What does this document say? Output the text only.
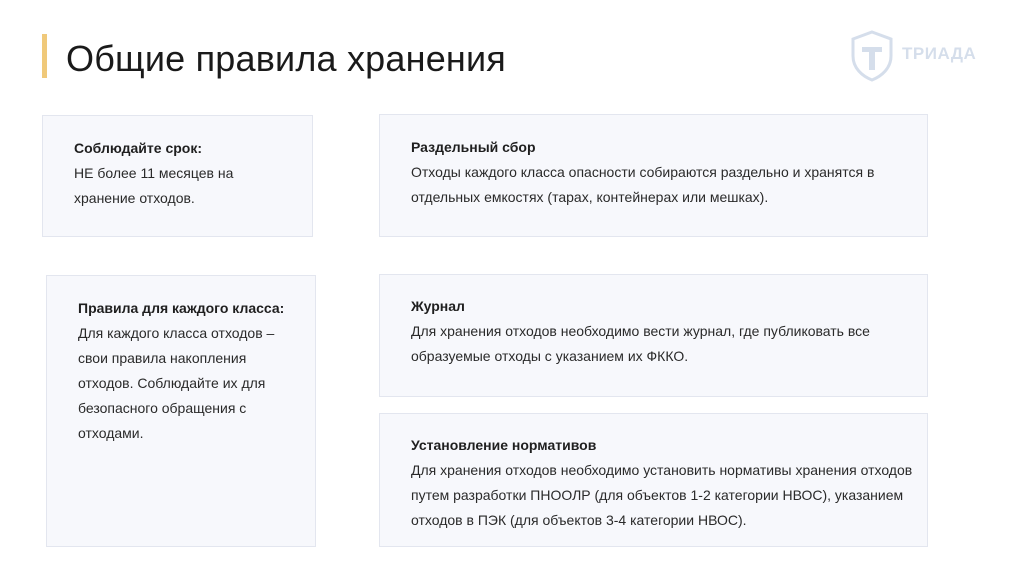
Общие правила хранения	ТРИАДА
Соблюдайте срок:
НЕ более 11 месяцев на хранение отходов.
Раздельный сбор
Отходы каждого класса опасности собираются раздельно и хранятся в отдельных емкостях (тарах, контейнерах или мешках).
Правила для каждого класса:
Для каждого класса отходов – свои правила накопления отходов. Соблюдайте их для безопасного обращения с отходами.
Журнал
Для хранения отходов необходимо вести журнал, где публиковать все образуемые отходы с указанием их ФККО.
Установление нормативов
Для хранения отходов необходимо установить нормативы хранения отходов путем разработки ПНООЛР (для объектов 1-2 категории НВОС), указанием отходов в ПЭК (для объектов 3-4 категории НВОС).
